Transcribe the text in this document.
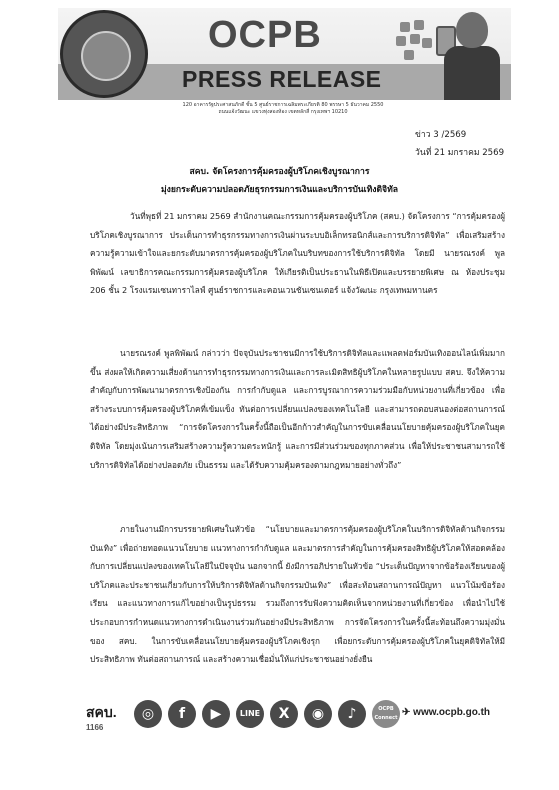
OCPB
PRESS RELEASE
120 อาคารรัฐประศาสนภักดี ชั้น 5 ศูนย์ราชการเฉลิมพระเกียรติ 80 พรรษา 5 ธันวาคม 2550
ถนนแจ้งวัฒนะ แขวงทุ่งสองห้อง เขตหลักสี่ กรุงเทพฯ 10210
ข่าว 3 /2569
วันที่ 21 มกราคม 2569
สคบ. จัดโครงการคุ้มครองผู้บริโภคเชิงบูรณาการ
มุ่งยกระดับความปลอดภัยธุรกรรมการเงินและบริการบันเทิงดิจิทัล
วันที่พุธที่ 21 มกราคม 2569 สำนักงานคณะกรรมการคุ้มครองผู้บริโภค (สคบ.) จัดโครงการ “การคุ้มครองผู้บริโภคเชิงบูรณาการ ประเด็นการทำธุรกรรมทางการเงินผ่านระบบอิเล็กทรอนิกส์และการบริการดิจิทัล” เพื่อเสริมสร้างความรู้ความเข้าใจและยกระดับมาตรการคุ้มครองผู้บริโภคในบริบทของการใช้บริการดิจิทัล โดยมี นายรณรงค์ พูลพิพัฒน์ เลขาธิการคณะกรรมการคุ้มครองผู้บริโภค ให้เกียรติเป็นประธานในพิธีเปิดและบรรยายพิเศษ ณ ห้องประชุม 206 ชั้น 2 โรงแรมเซนทาราไลฟ์ ศูนย์ราชการและคอนเวนชันเซนเตอร์ แจ้งวัฒนะ กรุงเทพมหานคร
นายรณรงค์ พูลพิพัฒน์ กล่าวว่า ปัจจุบันประชาชนมีการใช้บริการดิจิทัลและแพลตฟอร์มบันเทิงออนไลน์เพิ่มมากขึ้น ส่งผลให้เกิดความเสี่ยงด้านการทำธุรกรรมทางการเงินและการละเมิดสิทธิผู้บริโภคในหลายรูปแบบ สคบ. จึงให้ความสำคัญกับการพัฒนามาตรการเชิงป้องกัน การกำกับดูแล และการบูรณาการความร่วมมือกับหน่วยงานที่เกี่ยวข้อง เพื่อสร้างระบบการคุ้มครองผู้บริโภคที่เข้มแข็ง ทันต่อการเปลี่ยนแปลงของเทคโนโลยี และสามารถตอบสนองต่อสถานการณ์ได้อย่างมีประสิทธิภาพ “การจัดโครงการในครั้งนี้ถือเป็นอีกก้าวสำคัญในการขับเคลื่อนนโยบายคุ้มครองผู้บริโภคในยุคดิจิทัล โดยมุ่งเน้นการเสริมสร้างความรู้ความตระหนักรู้ และการมีส่วนร่วมของทุกภาคส่วน เพื่อให้ประชาชนสามารถใช้บริการดิจิทัลได้อย่างปลอดภัย เป็นธรรม และได้รับความคุ้มครองตามกฎหมายอย่างทั่วถึง”
ภายในงานมีการบรรยายพิเศษในหัวข้อ “นโยบายและมาตรการคุ้มครองผู้บริโภคในบริการดิจิทัลด้านกิจกรรมบันเทิง” เพื่อถ่ายทอดแนวนโยบาย แนวทางการกำกับดูแล และมาตรการสำคัญในการคุ้มครองสิทธิผู้บริโภคให้สอดคล้องกับการเปลี่ยนแปลงของเทคโนโลยีในปัจจุบัน นอกจากนี้ ยังมีการอภิปรายในหัวข้อ “ประเด็นปัญหาจากข้อร้องเรียนของผู้บริโภคและประชาชนเกี่ยวกับการให้บริการดิจิทัลด้านกิจกรรมบันเทิง” เพื่อสะท้อนสถานการณ์ปัญหา แนวโน้มข้อร้องเรียน และแนวทางการแก้ไขอย่างเป็นรูปธรรม รวมถึงการรับฟังความคิดเห็นจากหน่วยงานที่เกี่ยวข้อง เพื่อนำไปใช้ประกอบการกำหนดแนวทางการดำเนินงานร่วมกันอย่างมีประสิทธิภาพ การจัดโครงการในครั้งนี้สะท้อนถึงความมุ่งมั่นของ สคบ. ในการขับเคลื่อนนโยบายคุ้มครองผู้บริโภคเชิงรุก เพื่อยกระดับการคุ้มครองผู้บริโภคในยุคดิจิทัลให้มีประสิทธิภาพ ทันต่อสถานการณ์ และสร้างความเชื่อมั่นให้แก่ประชาชนอย่างยั่งยืน
สคบ.
1166
◎	f	▶	LINE	X	◉	♪	OCPB Connect ✈ www.ocpb.go.th
